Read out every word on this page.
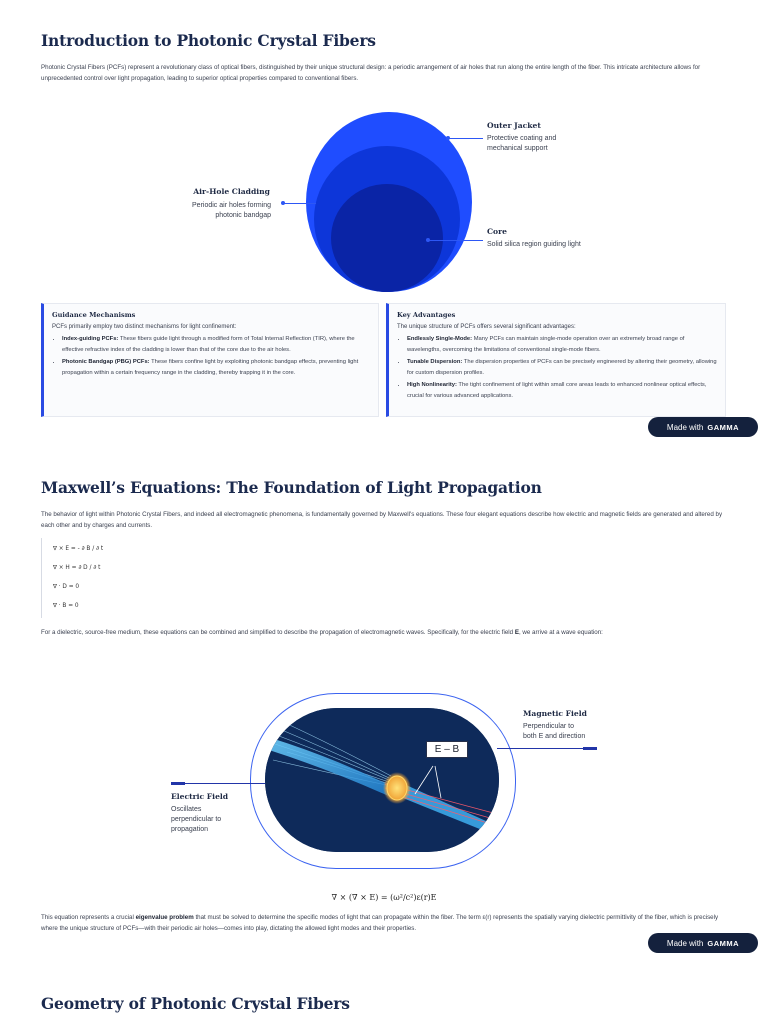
Introduction to Photonic Crystal Fibers

Photonic Crystal Fibers (PCFs) represent a revolutionary class of optical fibers, distinguished by their unique structural design: a periodic arrangement of air holes that run along the entire length of the fiber. This intricate architecture allows for unprecedented control over light propagation, leading to superior optical properties compared to conventional fibers.

Outer Jacket
Protective coating and
mechanical support
Air-Hole Cladding
Periodic air holes forming
photonic bandgap
Core
Solid silica region guiding light
Guidance Mechanisms
PCFs primarily employ two distinct mechanisms for light confinement:
• Index-guiding PCFs: These fibers guide light through a modified form of Total Internal Reflection (TIR), where the effective refractive index of the cladding is lower than that of the core due to the air holes.
• Photonic Bandgap (PBG) PCFs: These fibers confine light by exploiting photonic bandgap effects, preventing light propagation within a certain frequency range in the cladding, thereby trapping it in the core.
Key Advantages
The unique structure of PCFs offers several significant advantages:
• Endlessly Single-Mode: Many PCFs can maintain single-mode operation over an extremely broad range of wavelengths, overcoming the limitations of conventional single-mode fibers.
• Tunable Dispersion: The dispersion properties of PCFs can be precisely engineered by altering their geometry, allowing for custom dispersion profiles.
• High Nonlinearity: The tight confinement of light within small core areas leads to enhanced nonlinear optical effects, crucial for various advanced applications.
Made with GAMMA
Maxwell’s Equations: The Foundation of Light Propagation

The behavior of light within Photonic Crystal Fibers, and indeed all electromagnetic phenomena, is fundamentally governed by Maxwell's equations. These four elegant equations describe how electric and magnetic fields are generated and altered by each other and by charges and currents.

∇ × E = - ∂ B / ∂ t
∇ × H = ∂ D / ∂ t
∇ · D = 0
∇ · B = 0

For a dielectric, source-free medium, these equations can be combined and simplified to describe the propagation of electromagnetic waves. Specifically, for the electric field E, we arrive at a wave equation:

E – B
Magnetic Field
Perpendicular to
both E and direction
Electric Field
Oscillates
perpendicular to
propagation
∇ × (∇ × E) = (ω²/c²)ε(r)E

This equation represents a crucial eigenvalue problem that must be solved to determine the specific modes of light that can propagate within the fiber. The term ε(r) represents the spatially varying dielectric permittivity of the fiber, which is precisely where the unique structure of PCFs—with their periodic air holes—comes into play, dictating the allowed light modes and their properties.

Made with GAMMA
Geometry of Photonic Crystal Fibers
